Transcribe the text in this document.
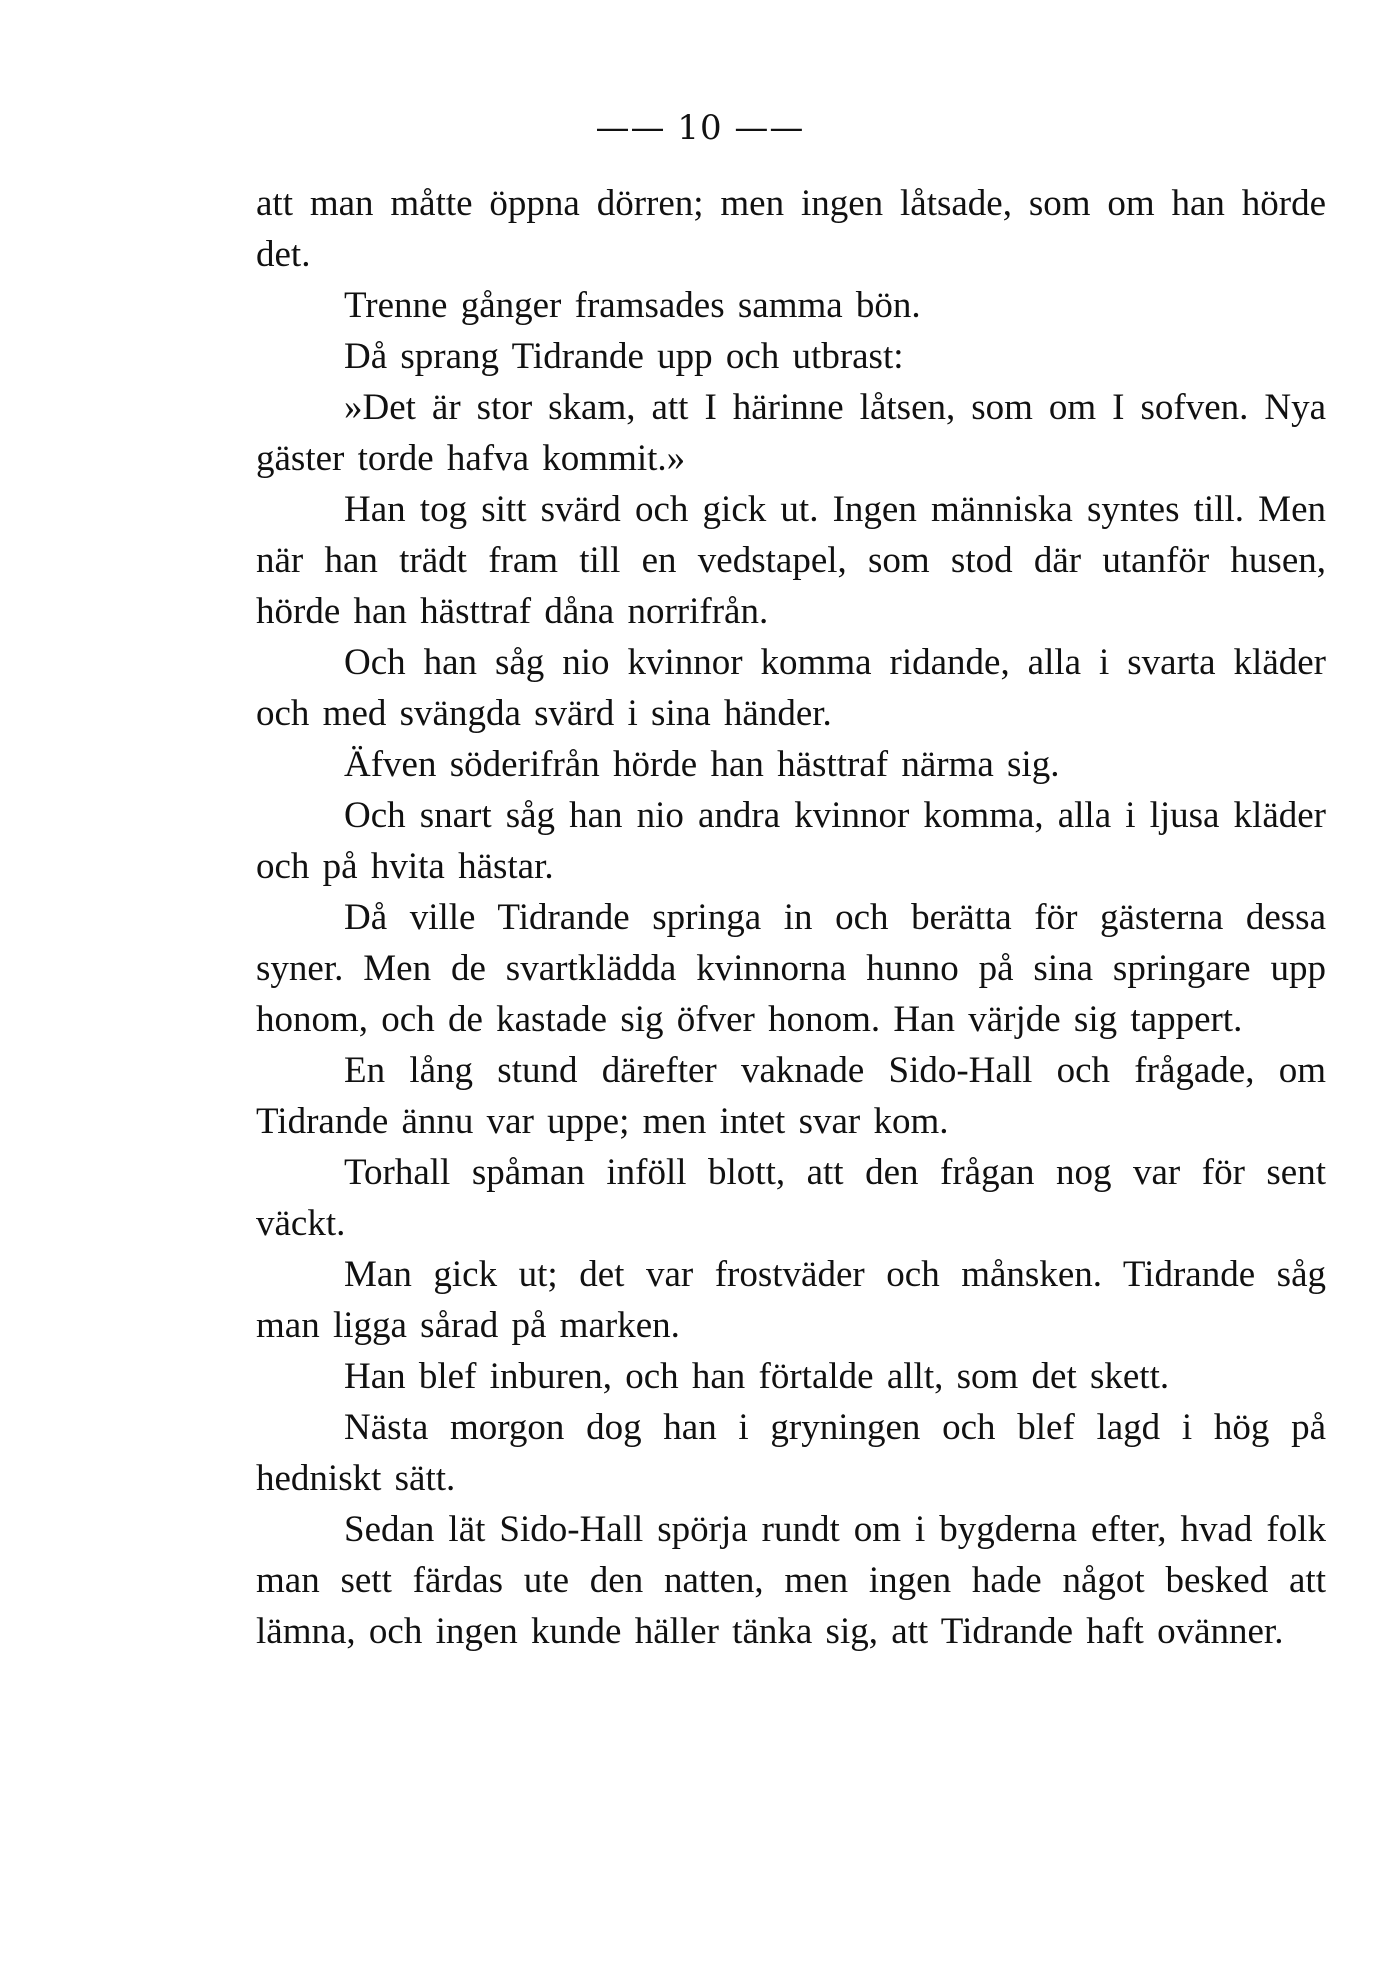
—— 10 ——

att man måtte öppna dörren; men ingen låtsade, som om han hörde det.

Trenne gånger framsades samma bön.

Då sprang Tidrande upp och utbrast:

»Det är stor skam, att I härinne låtsen, som om I sofven. Nya gäster torde hafva kommit.»

Han tog sitt svärd och gick ut. Ingen människa syntes till. Men när han trädt fram till en vedstapel, som stod där utanför husen, hörde han hästtraf dåna norrifrån.

Och han såg nio kvinnor komma ridande, alla i svarta kläder och med svängda svärd i sina händer.

Äfven söderifrån hörde han hästtraf närma sig.

Och snart såg han nio andra kvinnor komma, alla i ljusa kläder och på hvita hästar.

Då ville Tidrande springa in och berätta för gästerna dessa syner. Men de svartklädda kvinnorna hunno på sina springare upp honom, och de kastade sig öfver honom. Han värjde sig tappert.

En lång stund därefter vaknade Sido-Hall och frågade, om Tidrande ännu var uppe; men intet svar kom.

Torhall spåman inföll blott, att den frågan nog var för sent väckt.

Man gick ut; det var frostväder och månsken. Tidrande såg man ligga sårad på marken.

Han blef inburen, och han förtalde allt, som det skett.

Nästa morgon dog han i gryningen och blef lagd i hög på hedniskt sätt.

Sedan lät Sido-Hall spörja rundt om i bygderna efter, hvad folk man sett färdas ute den natten, men ingen hade något besked att lämna, och ingen kunde häller tänka sig, att Tidrande haft ovänner.
